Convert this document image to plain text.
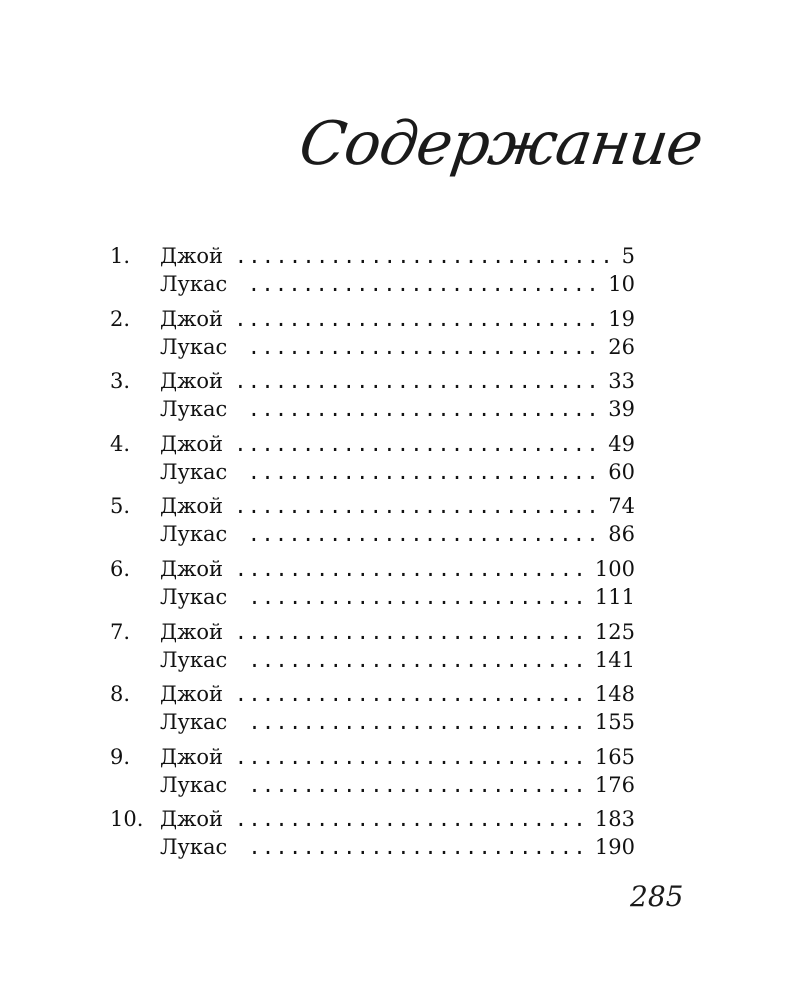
Содержание
1.	Джой ............................ 5
Лукас	.......................... 10
2.	Джой ........................... 19
Лукас	.......................... 26
3.	Джой ........................... 33
Лукас	.......................... 39
4.	Джой ........................... 49
Лукас	.......................... 60
5.	Джой ........................... 74
Лукас	.......................... 86
6.	Джой .......................... 100
Лукас	......................... 111
7.	Джой .......................... 125
Лукас	......................... 141
8.	Джой .......................... 148
Лукас	......................... 155
9.	Джой .......................... 165
Лукас	......................... 176
10. Джой .......................... 183
Лукас	......................... 190
285
